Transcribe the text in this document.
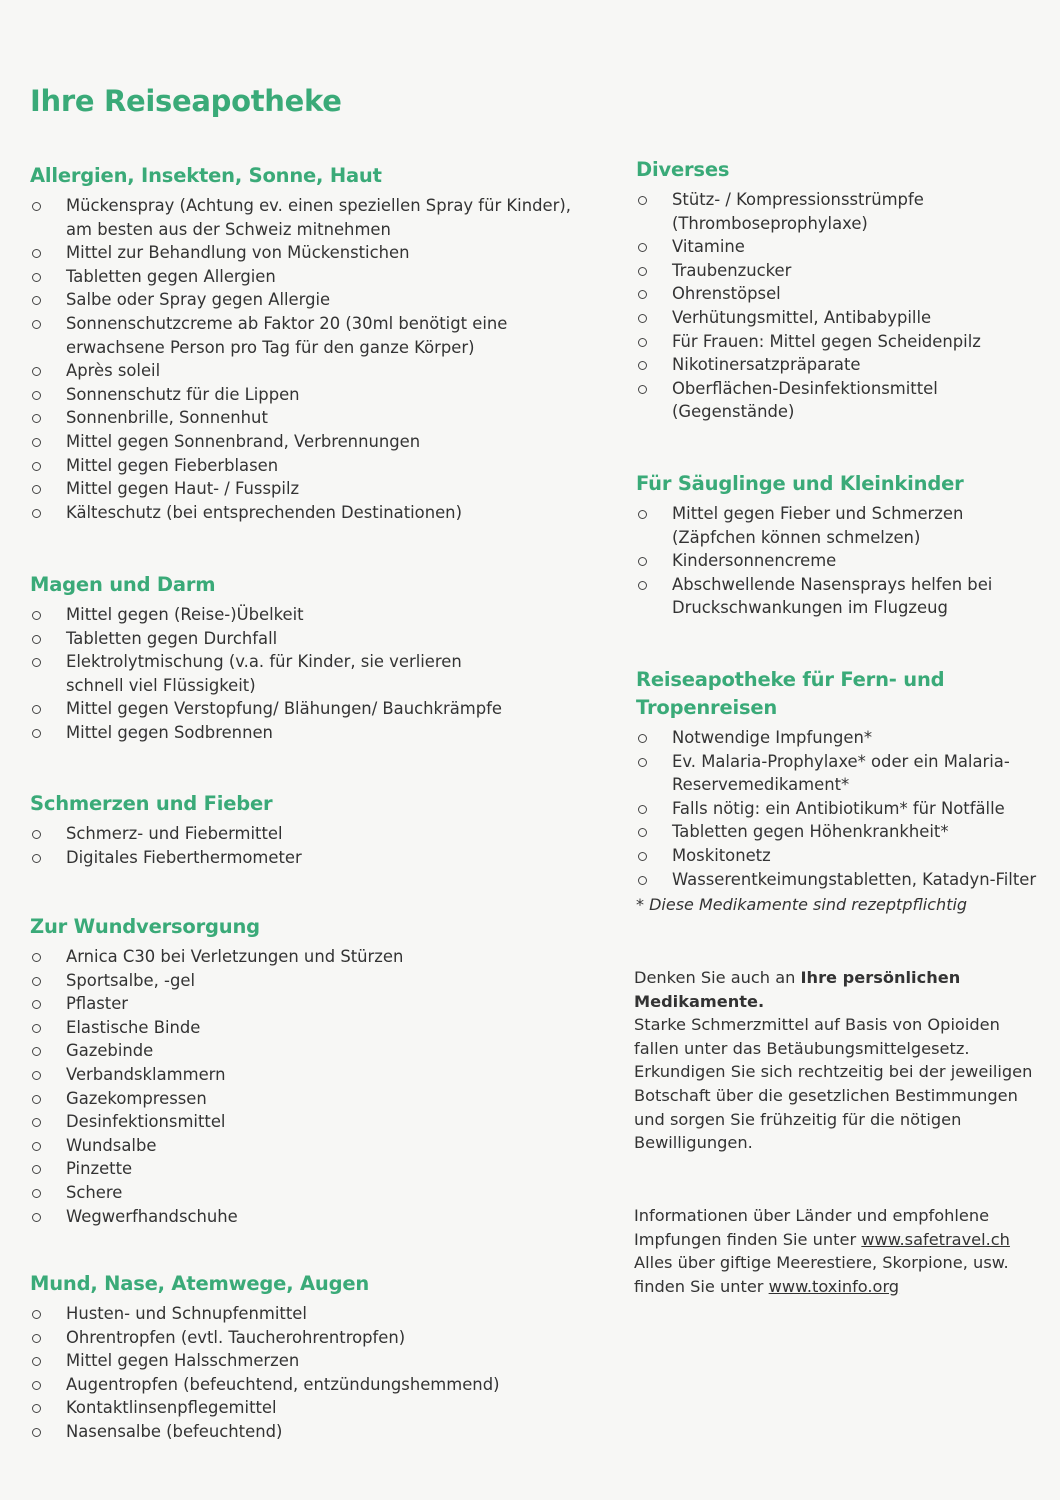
Ihre Reiseapotheke
Allergien, Insekten, Sonne, Haut
Mückenspray (Achtung ev. einen speziellen Spray für Kinder),
am besten aus der Schweiz mitnehmen
Mittel zur Behandlung von Mückenstichen
Tabletten gegen Allergien
Salbe oder Spray gegen Allergie
Sonnenschutzcreme ab Faktor 20 (30ml benötigt eine
erwachsene Person pro Tag für den ganze Körper)
Après soleil
Sonnenschutz für die Lippen
Sonnenbrille, Sonnenhut
Mittel gegen Sonnenbrand, Verbrennungen
Mittel gegen Fieberblasen
Mittel gegen Haut- / Fusspilz
Kälteschutz (bei entsprechenden Destinationen)
Magen und Darm
Mittel gegen (Reise-)Übelkeit
Tabletten gegen Durchfall
Elektrolytmischung (v.a. für Kinder, sie verlieren
schnell viel Flüssigkeit)
Mittel gegen Verstopfung/ Blähungen/ Bauchkrämpfe
Mittel gegen Sodbrennen
Schmerzen und Fieber
Schmerz- und Fiebermittel
Digitales Fieberthermometer
Zur Wundversorgung
Arnica C30 bei Verletzungen und Stürzen
Sportsalbe, -gel
Pflaster
Elastische Binde
Gazebinde
Verbandsklammern
Gazekompressen
Desinfektionsmittel
Wundsalbe
Pinzette
Schere
Wegwerfhandschuhe
Mund, Nase, Atemwege, Augen
Husten- und Schnupfenmittel
Ohrentropfen (evtl. Taucherohrentropfen)
Mittel gegen Halsschmerzen
Augentropfen (befeuchtend, entzündungshemmend)
Kontaktlinsenpflegemittel
Nasensalbe (befeuchtend)
Diverses
Stütz- / Kompressionsstrümpfe
(Thromboseprophylaxe)
Vitamine
Traubenzucker
Ohrenstöpsel
Verhütungsmittel, Antibabypille
Für Frauen: Mittel gegen Scheidenpilz
Nikotinersatzpräparate
Oberflächen-Desinfektionsmittel
(Gegenstände)
Für Säuglinge und Kleinkinder
Mittel gegen Fieber und Schmerzen
(Zäpfchen können schmelzen)
Kindersonnencreme
Abschwellende Nasensprays helfen bei
Druckschwankungen im Flugzeug
Reiseapotheke für Fern- und
Tropenreisen
Notwendige Impfungen*
Ev. Malaria-Prophylaxe* oder ein Malaria-
Reservemedikament*
Falls nötig: ein Antibiotikum* für Notfälle
Tabletten gegen Höhenkrankheit*
Moskitonetz
Wasserentkeimungstabletten, Katadyn-Filter
* Diese Medikamente sind rezeptpflichtig

Denken Sie auch an Ihre persönlichen

Medikamente.

Starke Schmerzmittel auf Basis von Opioiden

fallen unter das Betäubungsmittelgesetz.

Erkundigen Sie sich rechtzeitig bei der jeweiligen

Botschaft über die gesetzlichen Bestimmungen

und sorgen Sie frühzeitig für die nötigen

Bewilligungen.

Informationen über Länder und empfohlene

Impfungen finden Sie unter www.safetravel.ch

Alles über giftige Meerestiere, Skorpione, usw.

finden Sie unter www.toxinfo.org
